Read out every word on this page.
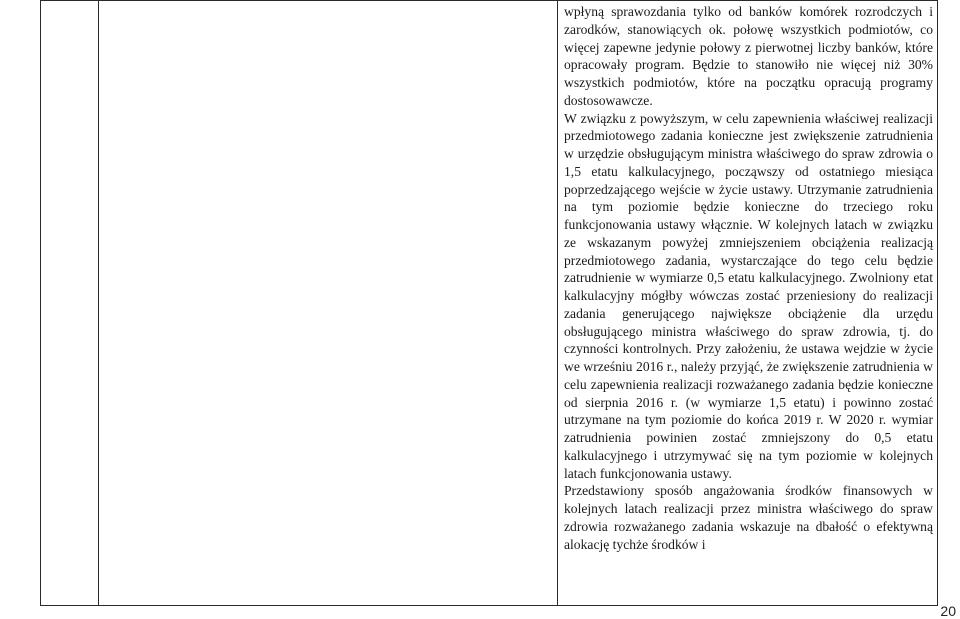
wpłyną sprawozdania tylko od banków komórek rozrodczych i zarodków, stanowiących ok. połowę wszystkich podmiotów, co więcej zapewne jedynie połowy z pierwotnej liczby banków, które opracowały program. Będzie to stanowiło nie więcej niż 30% wszystkich podmiotów, które na początku opracują programy dostosowawcze.

W związku z powyższym, w celu zapewnienia właściwej realizacji przedmiotowego zadania konieczne jest zwiększenie zatrudnienia w urzędzie obsługującym ministra właściwego do spraw zdrowia o 1,5 etatu kalkulacyjnego, począwszy od ostatniego miesiąca poprzedzającego wejście w życie ustawy. Utrzymanie zatrudnienia na tym poziomie będzie konieczne do trzeciego roku funkcjonowania ustawy włącznie. W kolejnych latach w związku ze wskazanym powyżej zmniejszeniem obciążenia realizacją przedmiotowego zadania, wystarczające do tego celu będzie zatrudnienie w wymiarze 0,5 etatu kalkulacyjnego. Zwolniony etat kalkulacyjny mógłby wówczas zostać przeniesiony do realizacji zadania generującego największe obciążenie dla urzędu obsługującego ministra właściwego do spraw zdrowia, tj. do czynności kontrolnych. Przy założeniu, że ustawa wejdzie w życie we wrześniu 2016 r., należy przyjąć, że zwiększenie zatrudnienia w celu zapewnienia realizacji rozważanego zadania będzie konieczne od sierpnia 2016 r. (w wymiarze 1,5 etatu) i powinno zostać utrzymane na tym poziomie do końca 2019 r. W 2020 r. wymiar zatrudnienia powinien zostać zmniejszony do 0,5 etatu kalkulacyjnego i utrzymywać się na tym poziomie w kolejnych latach funkcjonowania ustawy.

Przedstawiony sposób angażowania środków finansowych w kolejnych latach realizacji przez ministra właściwego do spraw zdrowia rozważanego zadania wskazuje na dbałość o efektywną alokację tychże środków i

20
